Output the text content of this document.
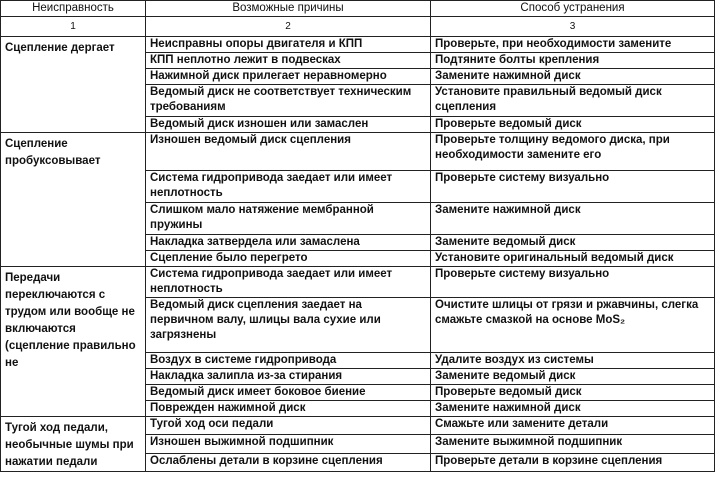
Неисправность	Возможные причины	Способ устранения
1	2	3
Сцепление дергает	Неисправны опоры двигателя и КПП	Проверьте, при необходимости замените
	КПП неплотно лежит в подвесках	Подтяните болты крепления
	Нажимной диск прилегает неравномерно	Замените нажимной диск
	Ведомый диск не соответствует техническим требованиям	Установите правильный ведомый диск сцепления
	Ведомый диск изношен или замаслен	Проверьте ведомый диск
Сцепление пробуксовывает	Изношен ведомый диск сцепления	Проверьте толщину ведомого диска, при необходимости замените его
	Система гидропривода заедает или имеет неплотность	Проверьте систему визуально
	Слишком мало натяжение мембранной пружины	Замените нажимной диск
	Накладка затвердела или замаслена	Замените ведомый диск
	Сцепление было перегрето	Установите оригинальный ведомый диск
Передачи переключаются с трудом или вообще не включаются (сцепление правильно не	Система гидропривода заедает или имеет неплотность	Проверьте систему визуально
	Ведомый диск сцепления заедает на первичном валу, шлицы вала сухие или загрязнены	Очистите шлицы от грязи и ржавчины, слегка смажьте смазкой на основе MoS₂
	Воздух в системе гидропривода	Удалите воздух из системы
	Накладка залипла из-за стирания	Замените ведомый диск
	Ведомый диск имеет боковое биение	Проверьте ведомый диск
	Поврежден нажимной диск	Замените нажимной диск
Тугой ход педали, необычные шумы при нажатии педали	Тугой ход оси педали	Смажьте или замените детали
	Изношен выжимной подшипник	Замените выжимной подшипник
	Ослаблены детали в корзине сцепления	Проверьте детали в корзине сцепления
